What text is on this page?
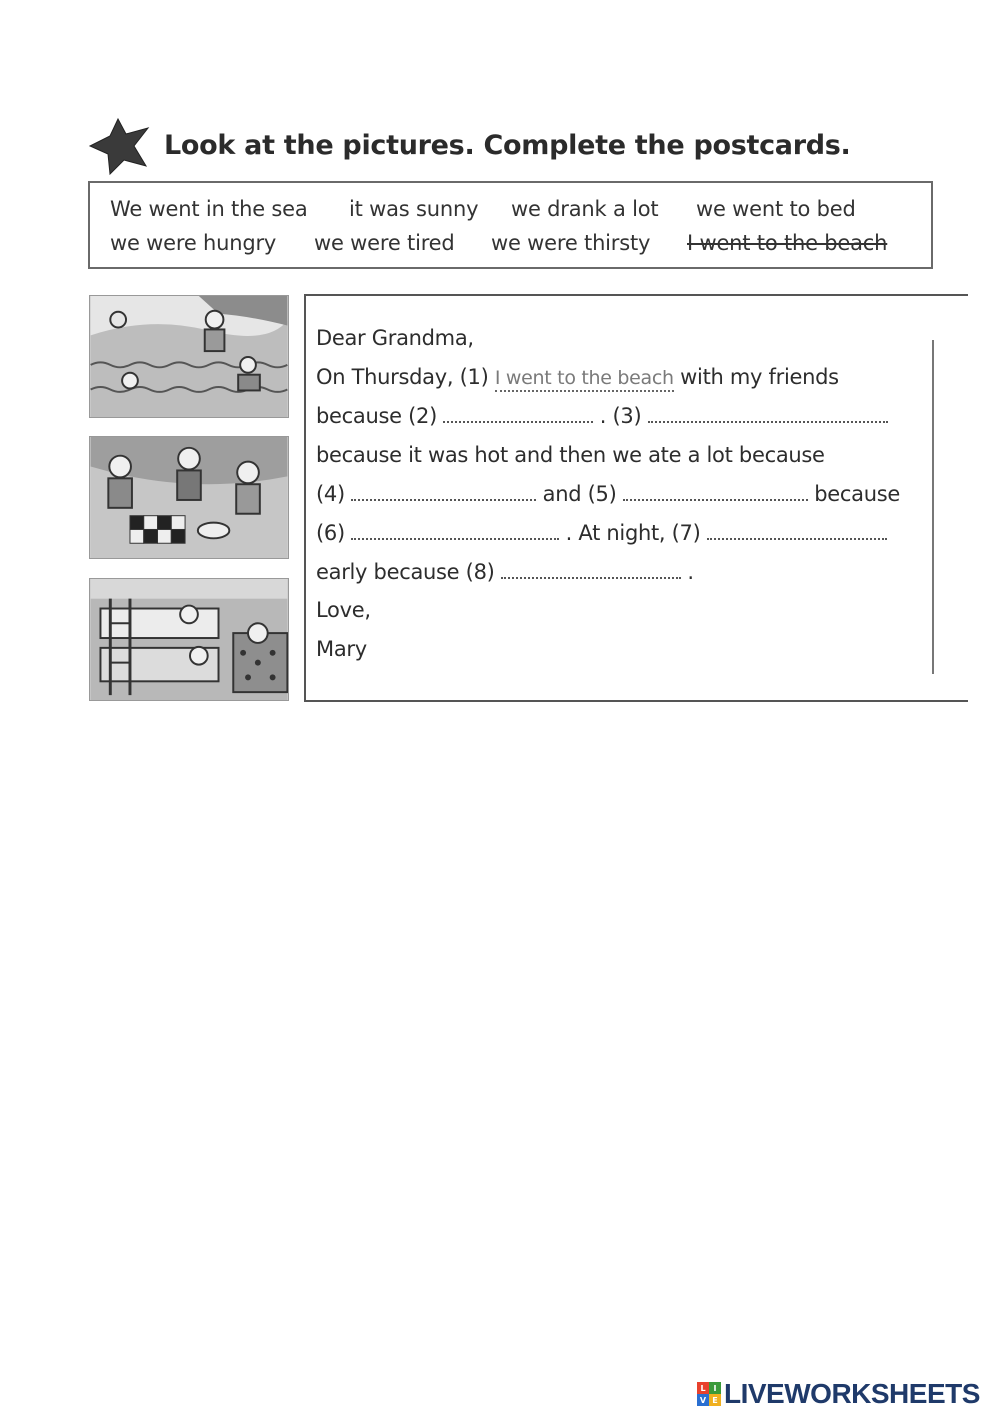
Look at the pictures. Complete the postcards.
We went in the sea it was sunny we drank a lot we went to bed
we were hungry we were tired we were thirsty I went to the beach
Dear Grandma,
On Thursday, (1) I went to the beach with my friends
because (2)	. (3)
because it was hot and then we ate a lot because
(4)	and (5)	because
(6)	. At night, (7)
early because (8)	.
Love,
Mary
L I
V E LIVEWORKSHEETS
